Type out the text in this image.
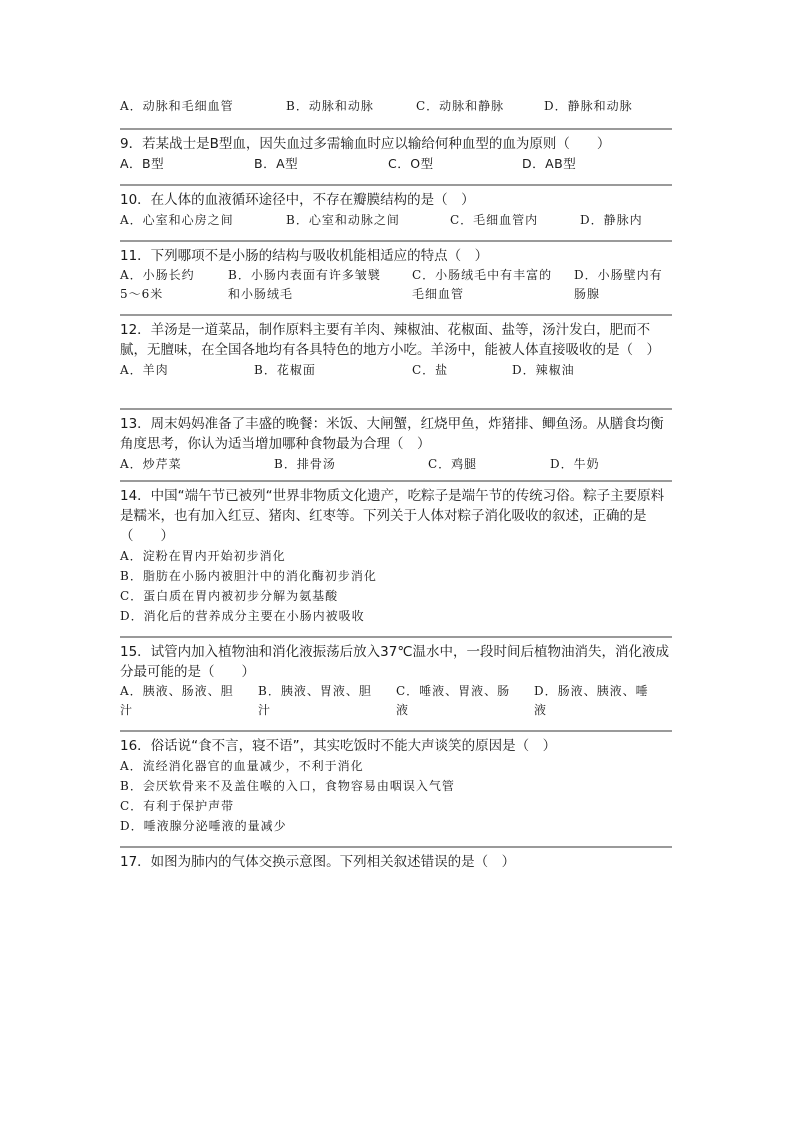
A．动脉和毛细血管	B．动脉和动脉	C．动脉和静脉	D．静脉和动脉
9．若某战士是B型血，因失血过多需输血时应以输给何种血型的血为原则（　　）
A．B型	B．A型	C．O型	D．AB型
10．在人体的血液循环途径中，不存在瓣膜结构的是（　）
A．心室和心房之间	B．心室和动脉之间	C．毛细血管内	D．静脉内
11．下列哪项不是小肠的结构与吸收机能相适应的特点（　）
A．小肠长约
5～6米
B．小肠内表面有许多皱襞
和小肠绒毛
C．小肠绒毛中有丰富的
毛细血管
D．小肠壁内有
肠腺
12．羊汤是一道菜品，制作原料主要有羊肉、辣椒油、花椒面、盐等，汤汁发白，肥而不腻，无膻味，在全国各地均有各具特色的地方小吃。羊汤中，能被人体直接吸收的是（　）
A．羊肉	B．花椒面	C．盐	D．辣椒油
13．周末妈妈准备了丰盛的晚餐：米饭、大闸蟹，红烧甲鱼，炸猪排、鲫鱼汤。从膳食均衡角度思考，你认为适当增加哪种食物最为合理（　）
A．炒芹菜	B．排骨汤	C．鸡腿	D．牛奶
14．中国“端午节已被列“世界非物质文化遗产，吃粽子是端午节的传统习俗。粽子主要原料是糯米，也有加入红豆、猪肉、红枣等。下列关于人体对粽子消化吸收的叙述，正确的是（　　）
A．淀粉在胃内开始初步消化
B．脂肪在小肠内被胆汁中的消化酶初步消化
C．蛋白质在胃内被初步分解为氨基酸
D．消化后的营养成分主要在小肠内被吸收
15．试管内加入植物油和消化液振荡后放入37℃温水中，一段时间后植物油消失，消化液成分最可能的是（　　）
A．胰液、肠液、胆
汁
B．胰液、胃液、胆
汁
C．唾液、胃液、肠
液
D．肠液、胰液、唾
液
16．俗话说“食不言，寝不语”，其实吃饭时不能大声谈笑的原因是（　）
A．流经消化器官的血量减少，不利于消化
B．会厌软骨来不及盖住喉的入口，食物容易由咽误入气管
C．有利于保护声带
D．唾液腺分泌唾液的量减少
17．如图为肺内的气体交换示意图。下列相关叙述错误的是（　）
